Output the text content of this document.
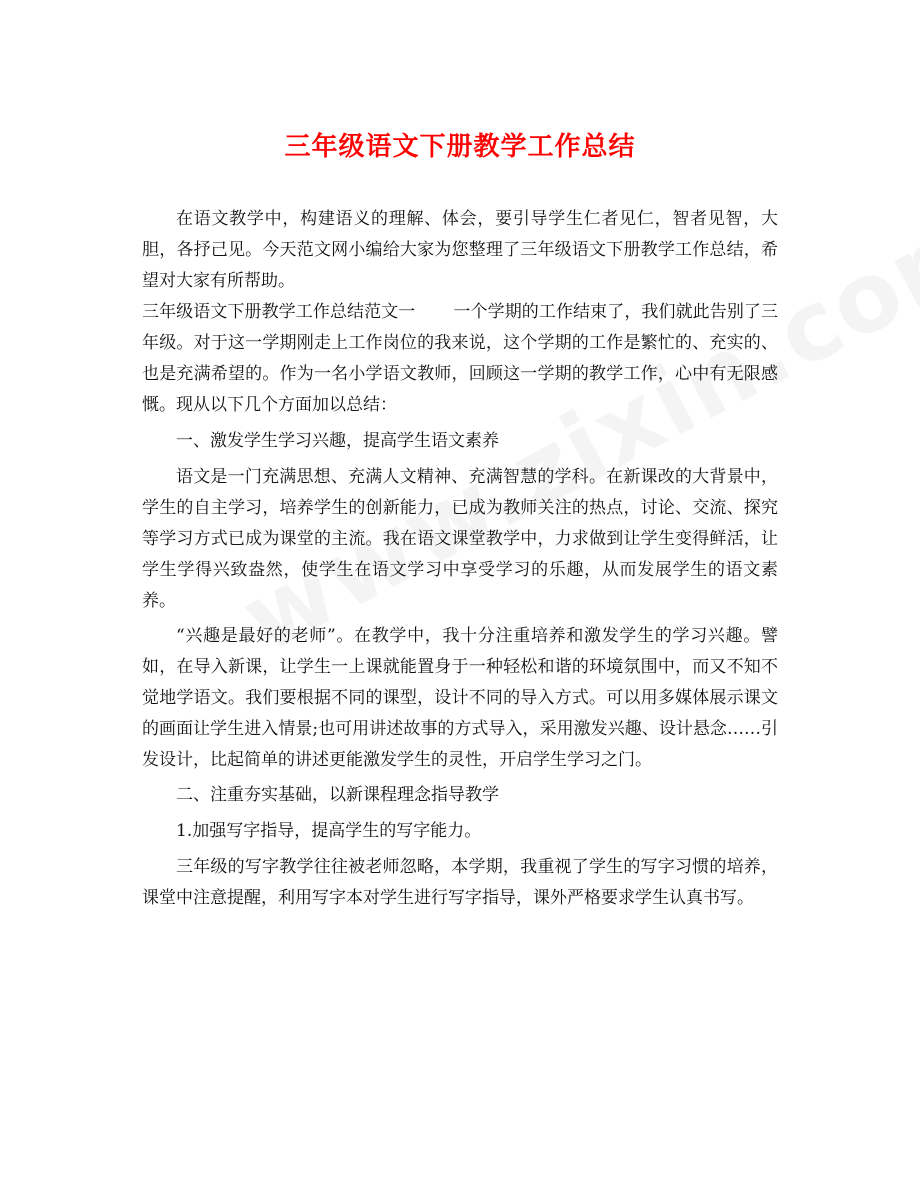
三年级语文下册教学工作总结

在语文教学中，构建语义的理解、体会，要引导学生仁者见仁，智者见智，大胆，各抒己见。今天范文网小编给大家为您整理了三年级语文下册教学工作总结，希望对大家有所帮助。

三年级语文下册教学工作总结范文一 一个学期的工作结束了，我们就此告别了三年级。对于这一学期刚走上工作岗位的我来说，这个学期的工作是繁忙的、充实的、也是充满希望的。作为一名小学语文教师，回顾这一学期的教学工作，心中有无限感慨。现从以下几个方面加以总结：

一、激发学生学习兴趣，提高学生语文素养

语文是一门充满思想、充满人文精神、充满智慧的学科。在新课改的大背景中，学生的自主学习，培养学生的创新能力，已成为教师关注的热点，讨论、交流、探究等学习方式已成为课堂的主流。我在语文课堂教学中，力求做到让学生变得鲜活，让学生学得兴致盎然，使学生在语文学习中享受学习的乐趣，从而发展学生的语文素养。

“兴趣是最好的老师”。在教学中，我十分注重培养和激发学生的学习兴趣。譬如，在导入新课，让学生一上课就能置身于一种轻松和谐的环境氛围中，而又不知不觉地学语文。我们要根据不同的课型，设计不同的导入方式。可以用多媒体展示课文的画面让学生进入情景;也可用讲述故事的方式导入，采用激发兴趣、设计悬念……引发设计，比起简单的讲述更能激发学生的灵性，开启学生学习之门。

二、注重夯实基础，以新课程理念指导教学

1.加强写字指导，提高学生的写字能力。

三年级的写字教学往往被老师忽略，本学期，我重视了学生的写字习惯的培养，课堂中注意提醒，利用写字本对学生进行写字指导，课外严格要求学生认真书写。
